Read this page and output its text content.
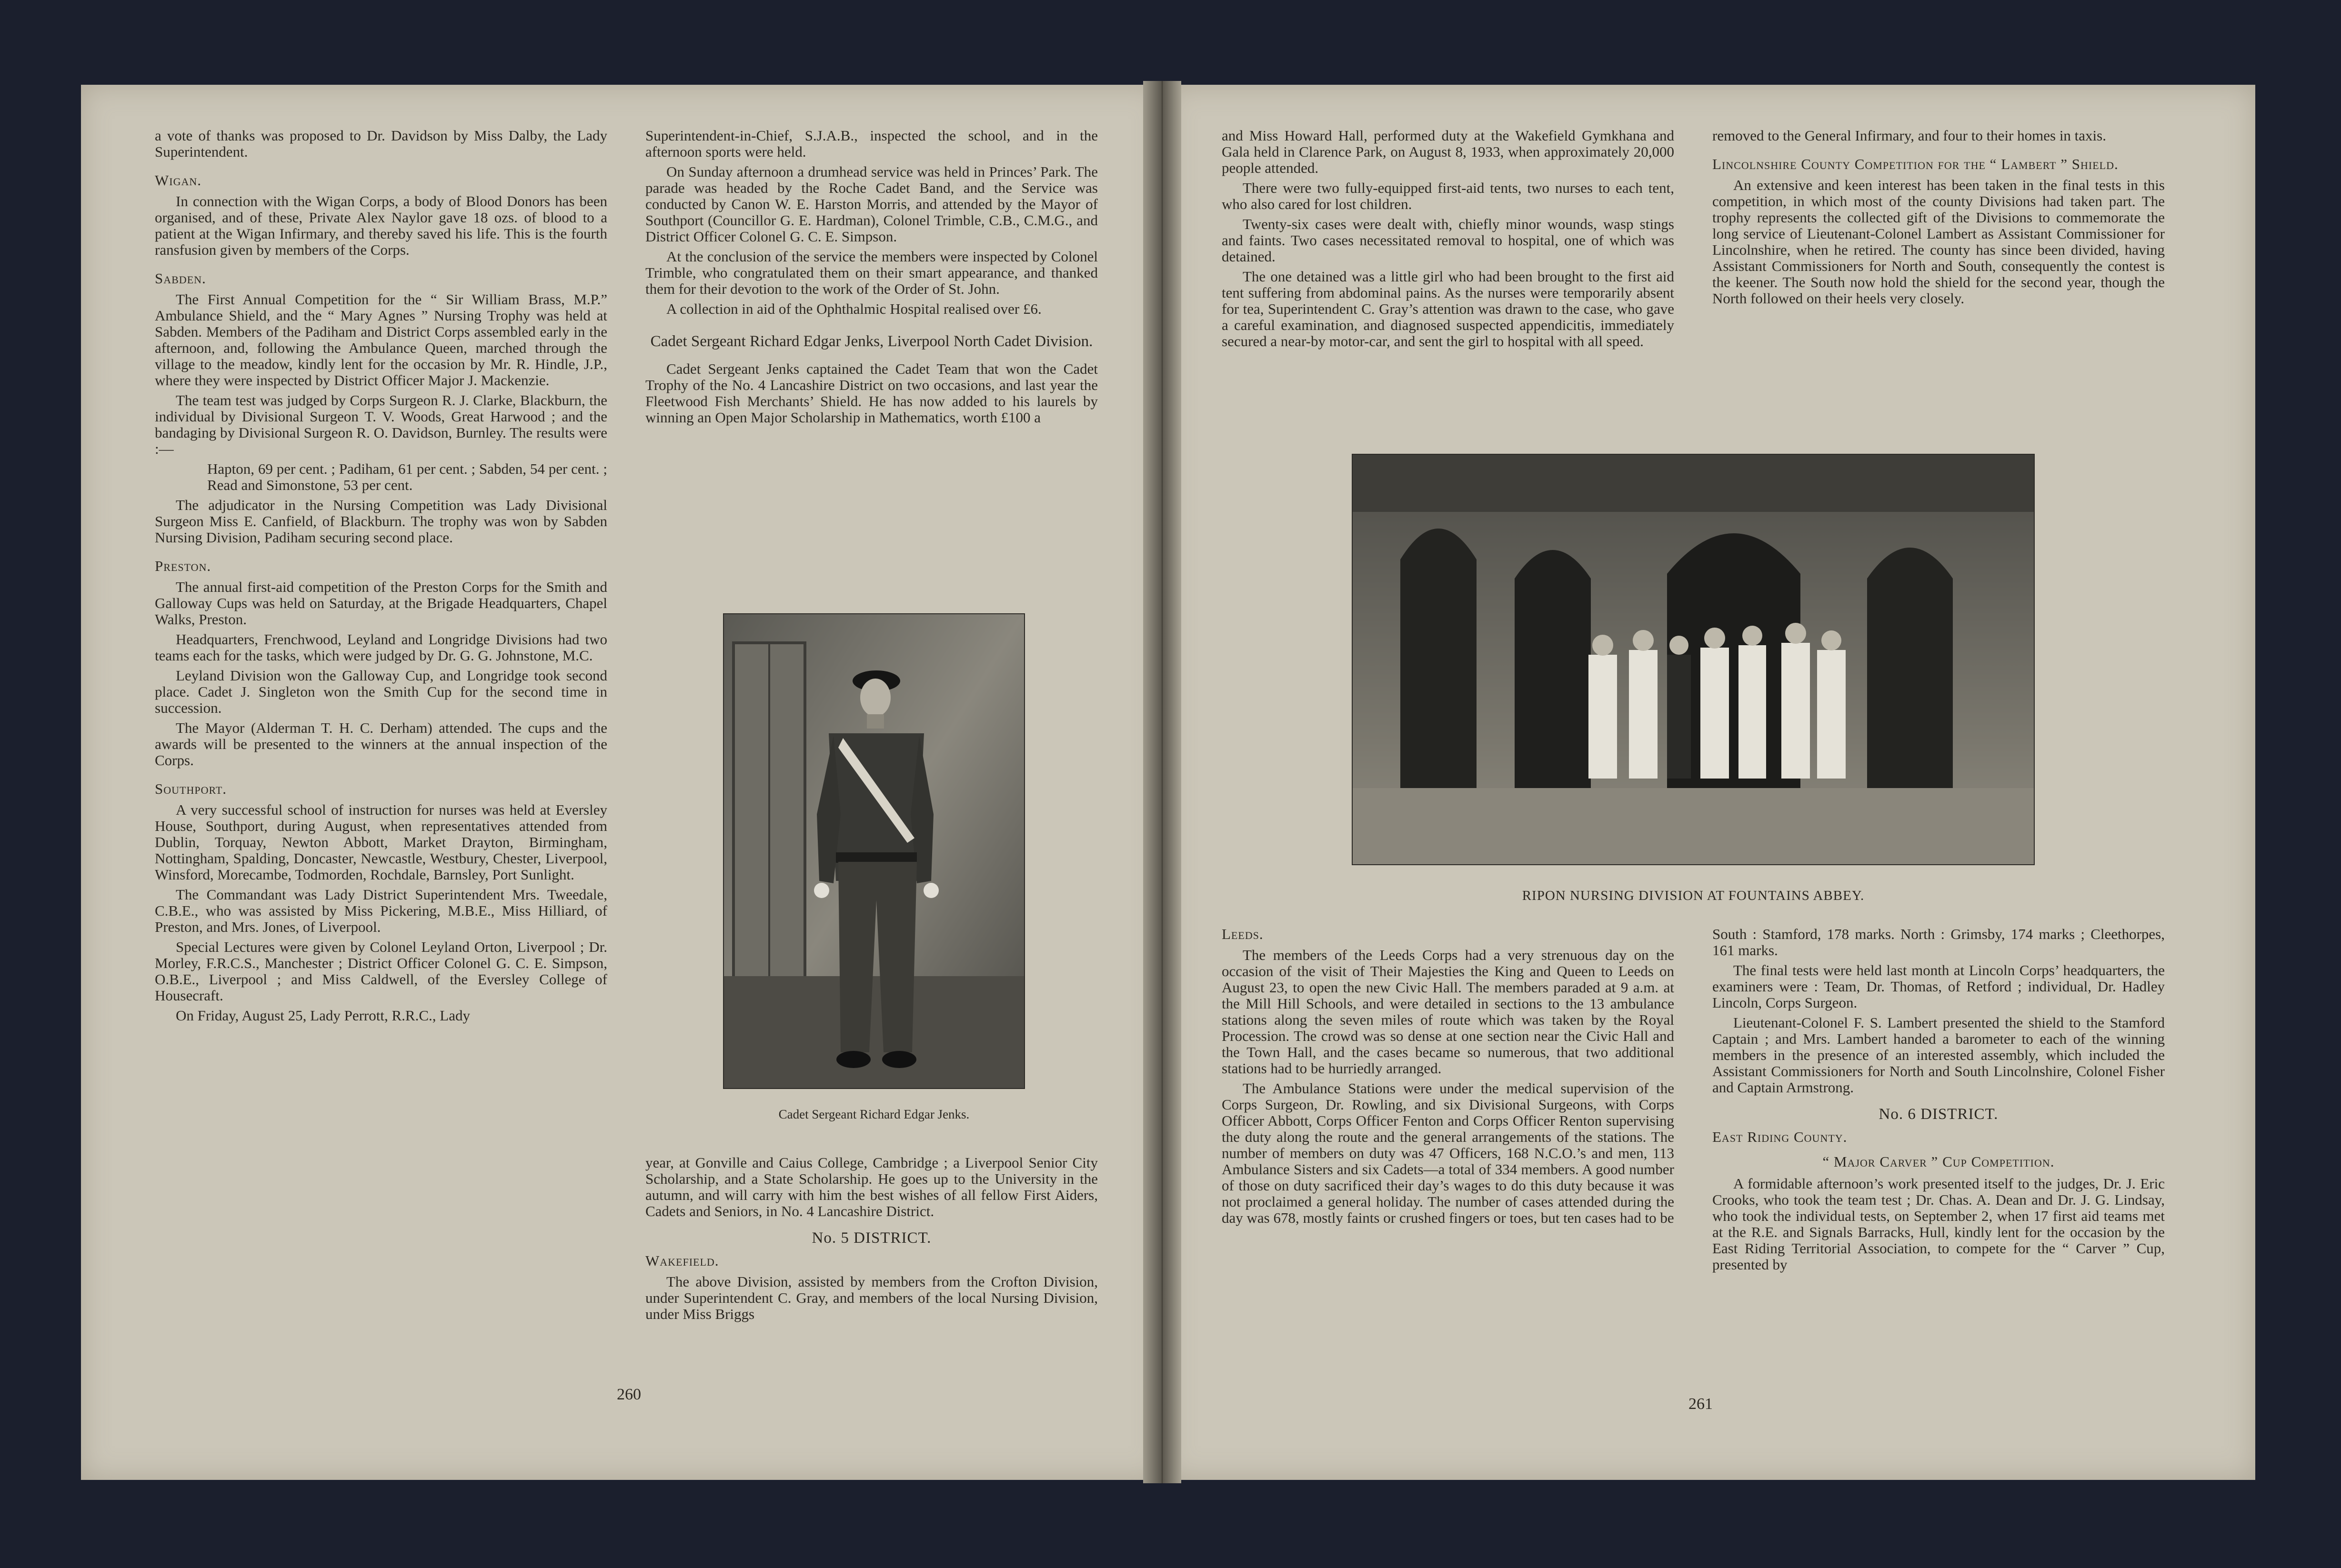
a vote of thanks was proposed to Dr. Davidson by Miss Dalby, the Lady Superintendent.

Wigan.

In connection with the Wigan Corps, a body of Blood Donors has been organised, and of these, Private Alex Naylor gave 18 ozs. of blood to a patient at the Wigan Infirmary, and thereby saved his life. This is the fourth ransfusion given by members of the Corps.

Sabden.

The First Annual Competition for the “ Sir William Brass, M.P.” Ambulance Shield, and the “ Mary Agnes ” Nursing Trophy was held at Sabden. Members of the Padiham and District Corps assembled early in the afternoon, and, following the Ambulance Queen, marched through the village to the meadow, kindly lent for the occasion by Mr. R. Hindle, J.P., where they were inspected by District Officer Major J. Mackenzie.

The team test was judged by Corps Surgeon R. J. Clarke, Blackburn, the individual by Divisional Surgeon T. V. Woods, Great Harwood ; and the bandaging by Divisional Surgeon R. O. Davidson, Burnley. The results were :—

Hapton, 69 per cent. ; Padiham, 61 per cent. ; Sabden, 54 per cent. ; Read and Simonstone, 53 per cent.

The adjudicator in the Nursing Competition was Lady Divisional Surgeon Miss E. Canfield, of Blackburn. The trophy was won by Sabden Nursing Division, Padiham securing second place.

Preston.

The annual first-aid competition of the Preston Corps for the Smith and Galloway Cups was held on Saturday, at the Brigade Headquarters, Chapel Walks, Preston.

Headquarters, Frenchwood, Leyland and Longridge Divisions had two teams each for the tasks, which were judged by Dr. G. G. Johnstone, M.C.

Leyland Division won the Galloway Cup, and Longridge took second place. Cadet J. Singleton won the Smith Cup for the second time in succession.

The Mayor (Alderman T. H. C. Derham) attended. The cups and the awards will be presented to the winners at the annual inspection of the Corps.

Southport.

A very successful school of instruction for nurses was held at Eversley House, Southport, during August, when representatives attended from Dublin, Torquay, Newton Abbott, Market Drayton, Birmingham, Nottingham, Spalding, Doncaster, Newcastle, Westbury, Chester, Liverpool, Winsford, Morecambe, Todmorden, Rochdale, Barnsley, Port Sunlight.

The Commandant was Lady District Superintendent Mrs. Tweedale, C.B.E., who was assisted by Miss Pickering, M.B.E., Miss Hilliard, of Preston, and Mrs. Jones, of Liverpool.

Special Lectures were given by Colonel Leyland Orton, Liverpool ; Dr. Morley, F.R.C.S., Manchester ; District Officer Colonel G. C. E. Simpson, O.B.E., Liverpool ; and Miss Caldwell, of the Eversley College of Housecraft.

On Friday, August 25, Lady Perrott, R.R.C., Lady

Superintendent-in-Chief, S.J.A.B., inspected the school, and in the afternoon sports were held.

On Sunday afternoon a drumhead service was held in Princes’ Park. The parade was headed by the Roche Cadet Band, and the Service was conducted by Canon W. E. Harston Morris, and attended by the Mayor of Southport (Councillor G. E. Hardman), Colonel Trimble, C.B., C.M.G., and District Officer Colonel G. C. E. Simpson.

At the conclusion of the service the members were inspected by Colonel Trimble, who congratulated them on their smart appearance, and thanked them for their devotion to the work of the Order of St. John.

A collection in aid of the Ophthalmic Hospital realised over £6.

Cadet Sergeant Richard Edgar Jenks, Liverpool North Cadet Division.

Cadet Sergeant Jenks captained the Cadet Team that won the Cadet Trophy of the No. 4 Lancashire District on two occasions, and last year the Fleetwood Fish Merchants’ Shield. He has now added to his laurels by winning an Open Major Scholarship in Mathematics, worth £100 a

Cadet Sergeant Richard Edgar Jenks.

year, at Gonville and Caius College, Cambridge ; a Liverpool Senior City Scholarship, and a State Scholarship. He goes up to the University in the autumn, and will carry with him the best wishes of all fellow First Aiders, Cadets and Seniors, in No. 4 Lancashire District.

No. 5 DISTRICT.
Wakefield.

The above Division, assisted by members from the Crofton Division, under Superintendent C. Gray, and members of the local Nursing Division, under Miss Briggs

260

and Miss Howard Hall, performed duty at the Wakefield Gymkhana and Gala held in Clarence Park, on August 8, 1933, when approximately 20,000 people attended.

There were two fully-equipped first-aid tents, two nurses to each tent, who also cared for lost children.

Twenty-six cases were dealt with, chiefly minor wounds, wasp stings and faints. Two cases necessitated removal to hospital, one of which was detained.

The one detained was a little girl who had been brought to the first aid tent suffering from abdominal pains. As the nurses were temporarily absent for tea, Superintendent C. Gray’s attention was drawn to the case, who gave a careful examination, and diagnosed suspected appendicitis, immediately secured a near-by motor-car, and sent the girl to hospital with all speed.

removed to the General Infirmary, and four to their homes in taxis.

Lincolnshire County Competition for the “ Lambert ” Shield.

An extensive and keen interest has been taken in the final tests in this competition, in which most of the county Divisions had taken part. The trophy represents the collected gift of the Divisions to commemorate the long service of Lieutenant-Colonel Lambert as Assistant Commissioner for Lincolnshire, when he retired. The county has since been divided, having Assistant Commissioners for North and South, consequently the contest is the keener. The South now hold the shield for the second year, though the North followed on their heels very closely.

RIPON NURSING DIVISION AT FOUNTAINS ABBEY.
Leeds.

The members of the Leeds Corps had a very strenuous day on the occasion of the visit of Their Majesties the King and Queen to Leeds on August 23, to open the new Civic Hall. The members paraded at 9 a.m. at the Mill Hill Schools, and were detailed in sections to the 13 ambulance stations along the seven miles of route which was taken by the Royal Procession. The crowd was so dense at one section near the Civic Hall and the Town Hall, and the cases became so numerous, that two additional stations had to be hurriedly arranged.

The Ambulance Stations were under the medical supervision of the Corps Surgeon, Dr. Rowling, and six Divisional Surgeons, with Corps Officer Abbott, Corps Officer Fenton and Corps Officer Renton supervising the duty along the route and the general arrangements of the stations. The number of members on duty was 47 Officers, 168 N.C.O.’s and men, 113 Ambulance Sisters and six Cadets—a total of 334 members. A good number of those on duty sacrificed their day’s wages to do this duty because it was not proclaimed a general holiday. The number of cases attended during the day was 678, mostly faints or crushed fingers or toes, but ten cases had to be

South : Stamford, 178 marks. North : Grimsby, 174 marks ; Cleethorpes, 161 marks.

The final tests were held last month at Lincoln Corps’ headquarters, the examiners were : Team, Dr. Thomas, of Retford ; individual, Dr. Hadley Lincoln, Corps Surgeon.

Lieutenant-Colonel F. S. Lambert presented the shield to the Stamford Captain ; and Mrs. Lambert handed a barometer to each of the winning members in the presence of an interested assembly, which included the Assistant Commissioners for North and South Lincolnshire, Colonel Fisher and Captain Armstrong.

No. 6 DISTRICT.
East Riding County.
“ Major Carver ” Cup Competition.

A formidable afternoon’s work presented itself to the judges, Dr. J. Eric Crooks, who took the team test ; Dr. Chas. A. Dean and Dr. J. G. Lindsay, who took the individual tests, on September 2, when 17 first aid teams met at the R.E. and Signals Barracks, Hull, kindly lent for the occasion by the East Riding Territorial Association, to compete for the “ Carver ” Cup, presented by

261
